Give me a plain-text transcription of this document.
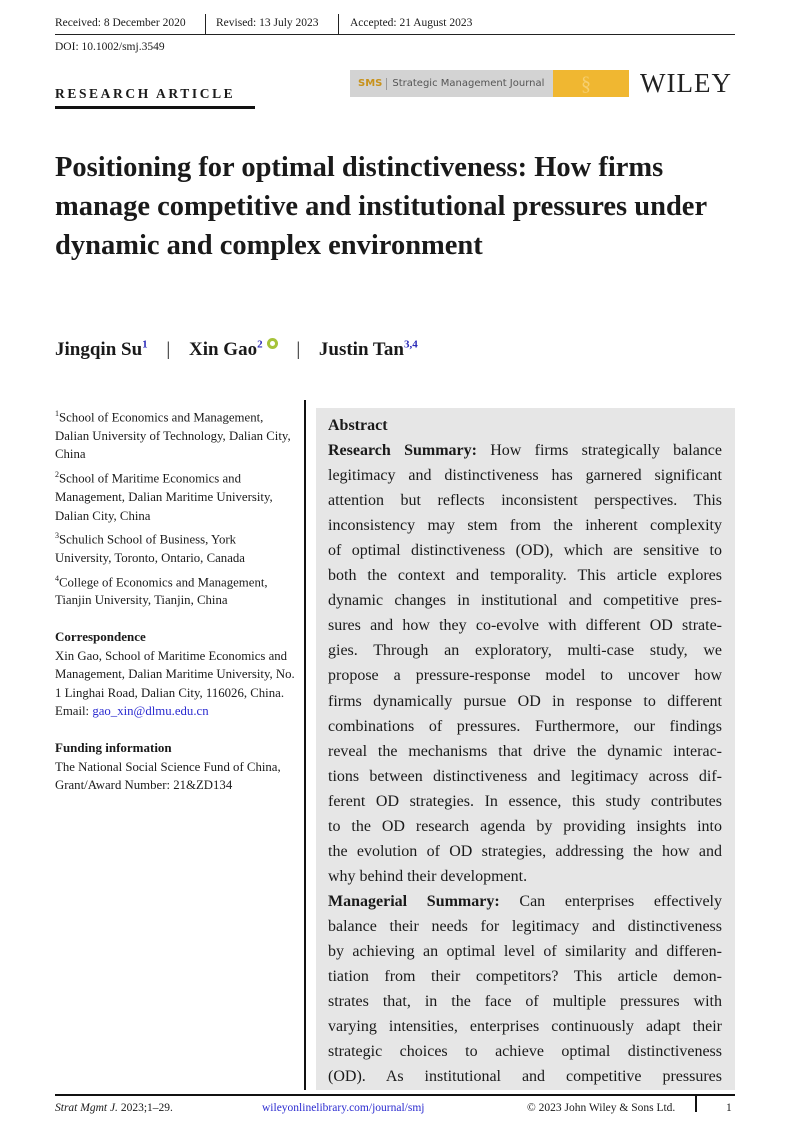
Received: 8 December 2020	Revised: 13 July 2023	Accepted: 21 August 2023
DOI: 10.1002/smj.3549
RESEARCH ARTICLE
SMS Strategic Management Journal § WILEY
Positioning for optimal distinctiveness: How firms manage competitive and institutional pressures under dynamic and complex environment
Jingqin Su$^1$ | Xin Gao$^2$ | Justin Tan$^{3,4}$

$^1$School of Economics and Management, Dalian University of Technology, Dalian City, China

$^2$School of Maritime Economics and Management, Dalian Maritime University, Dalian City, China

$^3$Schulich School of Business, York University, Toronto, Ontario, Canada

$^4$College of Economics and Management, Tianjin University, Tianjin, China

Correspondence
Xin Gao, School of Maritime Economics and Management, Dalian Maritime University, No. 1 Linghai Road, Dalian City, 116026, China.
Email: gao_xin@dlmu.edu.cn
Funding information
The National Social Science Fund of China, Grant/Award Number: 21&ZD134
Abstract
Research Summary: How firms strategically balance
legitimacy and distinctiveness has garnered significant
attention but reflects inconsistent perspectives. This
inconsistency may stem from the inherent complexity
of optimal distinctiveness (OD), which are sensitive to
both the context and temporality. This article explores
dynamic changes in institutional and competitive pres-
sures and how they co-evolve with different OD strate-
gies. Through an exploratory, multi-case study, we
propose a pressure-response model to uncover how
firms dynamically pursue OD in response to different
combinations of pressures. Furthermore, our findings
reveal the mechanisms that drive the dynamic interac-
tions between distinctiveness and legitimacy across dif-
ferent OD strategies. In essence, this study contributes
to the OD research agenda by providing insights into
the evolution of OD strategies, addressing the how and
why behind their development.
Managerial Summary: Can enterprises effectively
balance their needs for legitimacy and distinctiveness
by achieving an optimal level of similarity and differen-
tiation from their competitors? This article demon-
strates that, in the face of multiple pressures with
varying intensities, enterprises continuously adapt their
strategic choices to achieve optimal distinctiveness
(OD). As institutional and competitive pressures
Strat Mgmt J. 2023;1–29.	wileyonlinelibrary.com/journal/smj	© 2023 John Wiley & Sons Ltd.	1
